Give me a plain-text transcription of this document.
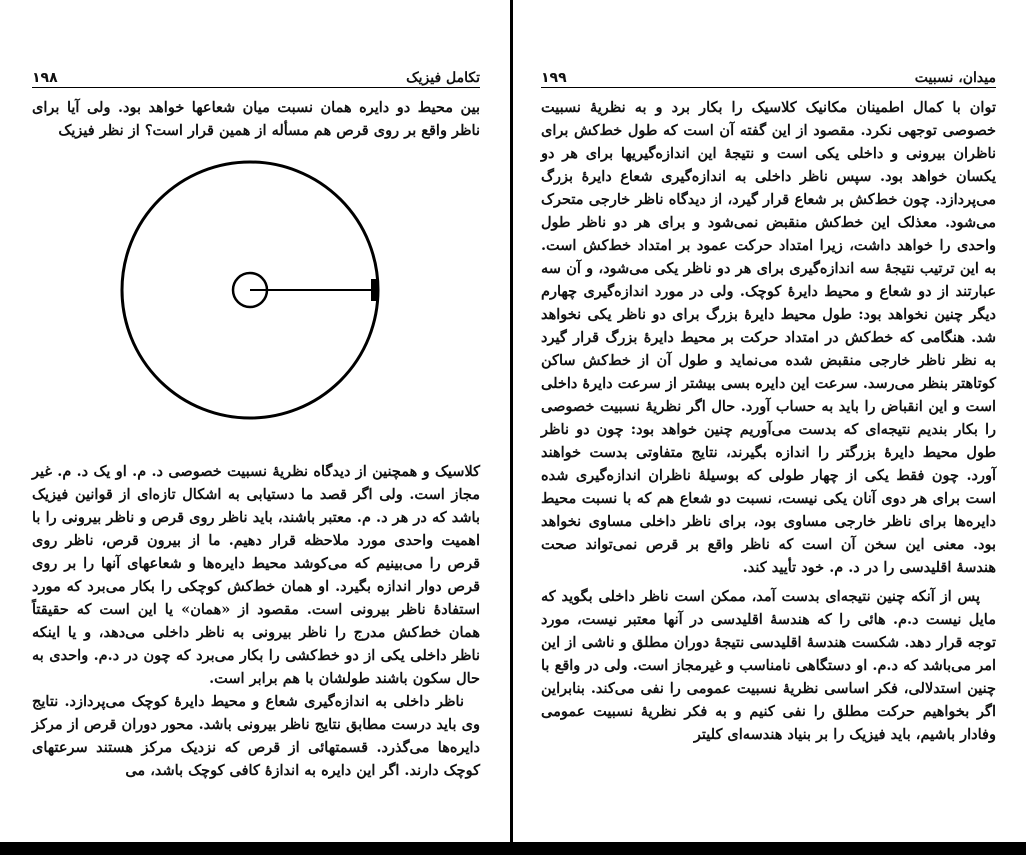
تکامل فیزیک
۱۹۸

بین محیط دو دایره همان نسبت میان شعاعها خواهد بود. ولی آیا برای ناظر واقع بر روی قرص هم مسأله از همین قرار است؟ از نظر فیزیک

کلاسیک و همچنین از دیدگاه نظریهٔ نسبیت خصوصی د. م. او یک د. م. غیر مجاز است. ولی اگر قصد ما دستیابی به اشکال تازه‌ای از قوانین فیزیک باشد که در هر د. م. معتبر باشند، باید ناظر روی قرص و ناظر بیرونی را با اهمیت واحدی مورد ملاحظه قرار دهیم. ما از بیرون قرص، ناظر روی قرص را می‌بینیم که می‌کوشد محیط دایره‌ها و شعاعهای آنها را بر روی قرص دوار اندازه بگیرد. او همان خط‌کش کوچکی را بکار می‌برد که مورد استفادهٔ ناظر بیرونی است. مقصود از «همان» یا این است که حقیقتاً همان خط‌کش مدرج را ناظر بیرونی به ناظر داخلی می‌دهد، و یا اینکه ناظر داخلی یکی از دو خط‌کشی را بکار می‌برد که چون در د.م. واحدی به حال سکون باشند طولشان با هم برابر است.

ناظر داخلی به اندازه‌گیری شعاع و محیط دایرهٔ کوچک می‌پردازد. نتایج وی باید درست مطابق نتایج ناظر بیرونی باشد. محور دوران قرص از مرکز دایره‌ها می‌گذرد. قسمتهائی از قرص که نزدیک مرکز هستند سرعتهای کوچک دارند. اگر این دایره به اندازهٔ کافی کوچک باشد، می

میدان، نسبیت
۱۹۹

توان با کمال اطمینان مکانیک کلاسیک را بکار برد و به نظریهٔ نسبیت خصوصی توجهی نکرد. مقصود از این گفته آن است که طول خط‌کش برای ناظران بیرونی و داخلی یکی است و نتیجهٔ این اندازه‌گیریها برای هر دو یکسان خواهد بود. سپس ناظر داخلی به اندازه‌گیری شعاع دایرهٔ بزرگ می‌پردازد. چون خط‌کش بر شعاع قرار گیرد، از دیدگاه ناظر خارجی متحرک می‌شود. معذلک این خط‌کش منقبض نمی‌شود و برای هر دو ناظر طول واحدی را خواهد داشت، زیرا امتداد حرکت عمود بر امتداد خط‌کش است. به این ترتیب نتیجهٔ سه اندازه‌گیری برای هر دو ناظر یکی می‌شود، و آن سه عبارتند از دو شعاع و محیط دایرهٔ کوچک. ولی در مورد اندازه‌گیری چهارم دیگر چنین نخواهد بود: طول محیط دایرهٔ بزرگ برای دو ناظر یکی نخواهد شد. هنگامی که خط‌کش در امتداد حرکت بر محیط دایرهٔ بزرگ قرار گیرد به نظر ناظر خارجی منقبض شده می‌نماید و طول آن از خط‌کش ساکن کوتاهتر بنظر می‌رسد. سرعت این دایره بسی بیشتر از سرعت دایرهٔ داخلی است و این انقباض را باید به حساب آورد. حال اگر نظریهٔ نسبیت خصوصی را بکار بندیم نتیجه‌ای که بدست می‌آوریم چنین خواهد بود: چون دو ناظر طول محیط دایرهٔ بزرگتر را اندازه بگیرند، نتایج متفاوتی بدست خواهند آورد. چون فقط یکی از چهار طولی که بوسیلهٔ ناظران اندازه‌گیری شده است برای هر دوی آنان یکی نیست، نسبت دو شعاع هم که با نسبت محیط دایره‌ها برای ناظر خارجی مساوی بود، برای ناظر داخلی مساوی نخواهد بود. معنی این سخن آن است که ناظر واقع بر قرص نمی‌تواند صحت هندسهٔ اقلیدسی را در د. م. خود تأیید کند.

پس از آنکه چنین نتیجه‌ای بدست آمد، ممکن است ناظر داخلی بگوید که مایل نیست د.م. هائی را که هندسهٔ اقلیدسی در آنها معتبر نیست، مورد توجه قرار دهد. شکست هندسهٔ اقلیدسی نتیجهٔ دوران مطلق و ناشی از این امر می‌باشد که د.م. او دستگاهی نامناسب و غیرمجاز است. ولی در واقع با چنین استدلالی، فکر اساسی نظریهٔ نسبیت عمومی را نفی می‌کند. بنابراین اگر بخواهیم حرکت مطلق را نفی کنیم و به فکر نظریهٔ نسبیت عمومی وفادار باشیم، باید فیزیک را بر بنیاد هندسه‌ای کلیتر
